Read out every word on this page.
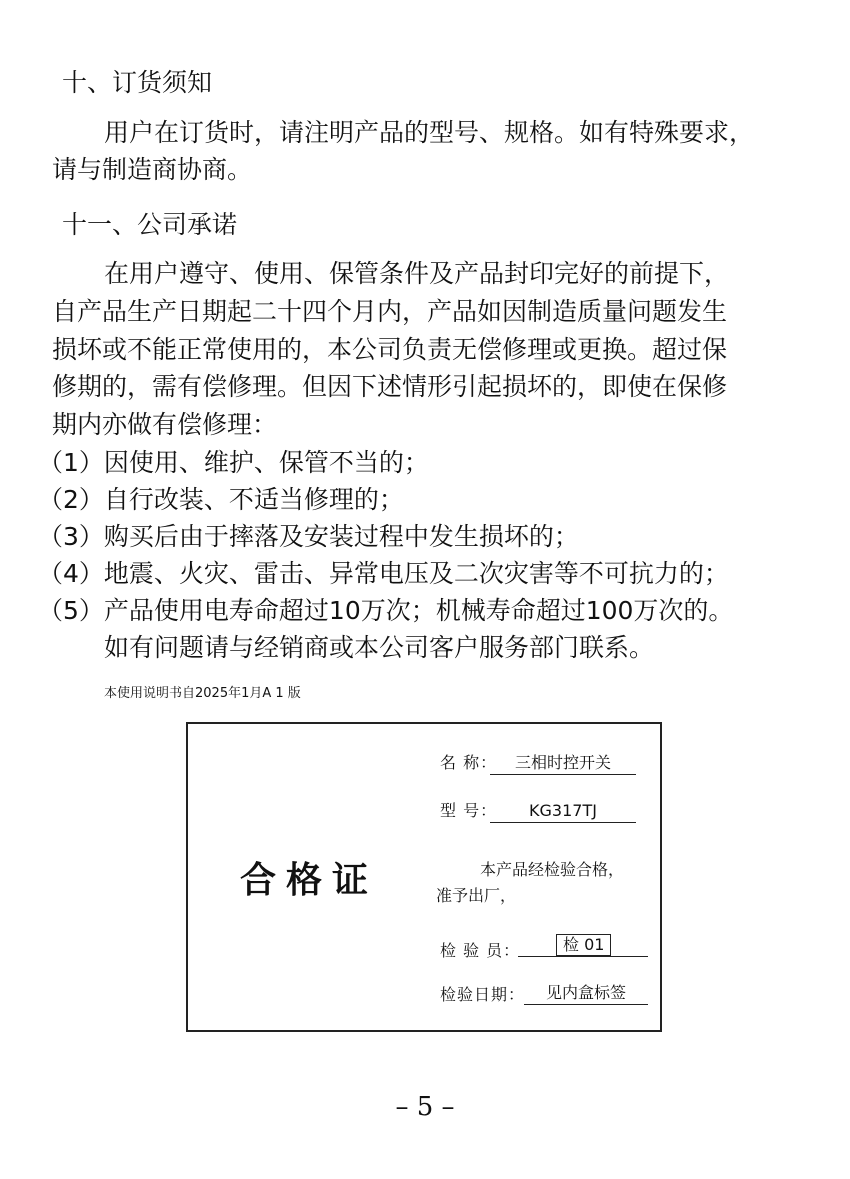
十、订货须知
用户在订货时，请注明产品的型号、规格。如有特殊要求，
请与制造商协商。
十一、公司承诺
在用户遵守、使用、保管条件及产品封印完好的前提下，
自产品生产日期起二十四个月内，产品如因制造质量问题发生
损坏或不能正常使用的，本公司负责无偿修理或更换。超过保
修期的，需有偿修理。但因下述情形引起损坏的，即使在保修
期内亦做有偿修理：
（1）因使用、维护、保管不当的；
（2）自行改装、不适当修理的；
（3）购买后由于摔落及安装过程中发生损坏的；
（4）地震、火灾、雷击、异常电压及二次灾害等不可抗力的；
（5）产品使用电寿命超过10万次；机械寿命超过100万次的。
如有问题请与经销商或本公司客户服务部门联系。
本使用说明书自2025年1月A 1 版
合格证
名 称：	三相时控开关
型 号：	KG317TJ
本产品经检验合格，
准予出厂，
检 验 员：	检 01
检验日期：	见内盒标签
– 5 –
